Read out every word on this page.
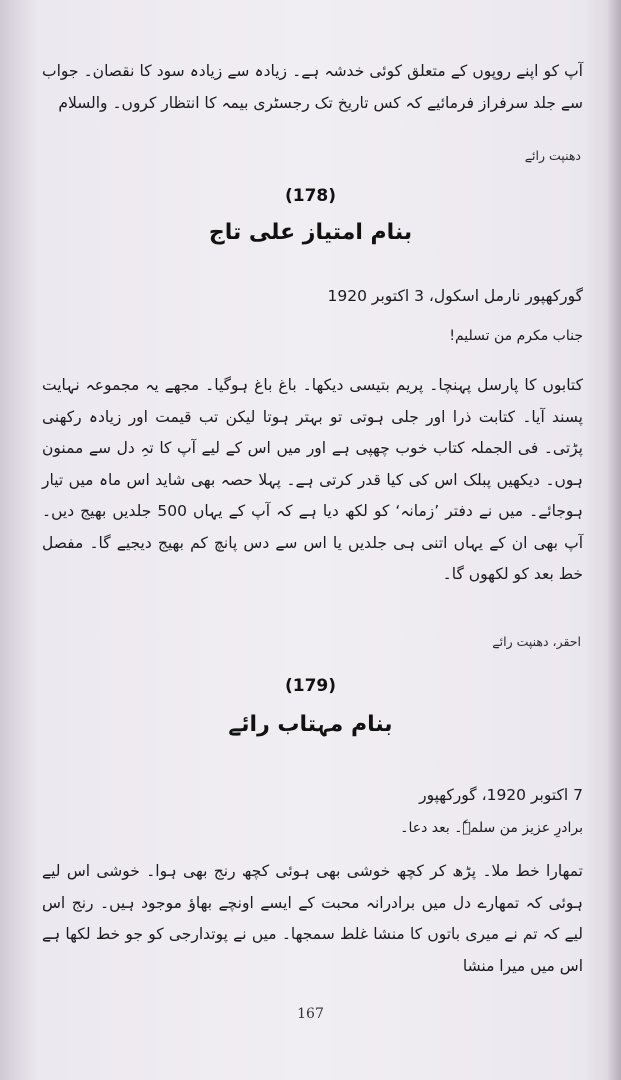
آپ کو اپنے روپوں کے متعلق کوئی خدشہ ہے۔ زیادہ سے زیادہ سود کا نقصان۔ جواب سے جلد سرفراز فرمائیے کہ کس تاریخ تک رجسٹری بیمہ کا انتظار کروں۔ والسلام
دھنپت رائے
(178)
بنام امتیاز علی تاج
گورکھپور نارمل اسکول، 3 اکتوبر 1920
جناب مکرم من تسلیم!
کتابوں کا پارسل پہنچا۔ پریم بتیسی دیکھا۔ باغ باغ ہوگیا۔ مجھے یہ مجموعہ نہایت پسند آیا۔ کتابت ذرا اور جلی ہوتی تو بہتر ہوتا لیکن تب قیمت اور زیادہ رکھنی پڑتی۔ فی الجملہ کتاب خوب چھپی ہے اور میں اس کے لیے آپ کا تہِ دل سے ممنون ہوں۔ دیکھیں پبلک اس کی کیا قدر کرتی ہے۔ پہلا حصہ بھی شاید اس ماہ میں تیار ہوجائے۔ میں نے دفتر ’زمانہ‘ کو لکھ دیا ہے کہ آپ کے یہاں 500 جلدیں بھیج دیں۔ آپ بھی ان کے یہاں اتنی ہی جلدیں یا اس سے دس پانچ کم بھیج دیجیے گا۔ مفصل خط بعد کو لکھوں گا۔
احقر، دھنپت رائے
(179)
بنام مہتاب رائے
7 اکتوبر 1920، گورکھپور
برادرِ عزیز من سلمہٗ۔ بعد دعا۔
تمھارا خط ملا۔ پڑھ کر کچھ خوشی بھی ہوئی کچھ رنج بھی ہوا۔ خوشی اس لیے ہوئی کہ تمھارے دل میں برادرانہ محبت کے ایسے اونچے بھاؤ موجود ہیں۔ رنج اس لیے کہ تم نے میری باتوں کا منشا غلط سمجھا۔ میں نے پوتدارجی کو جو خط لکھا ہے اس میں میرا منشا
167
